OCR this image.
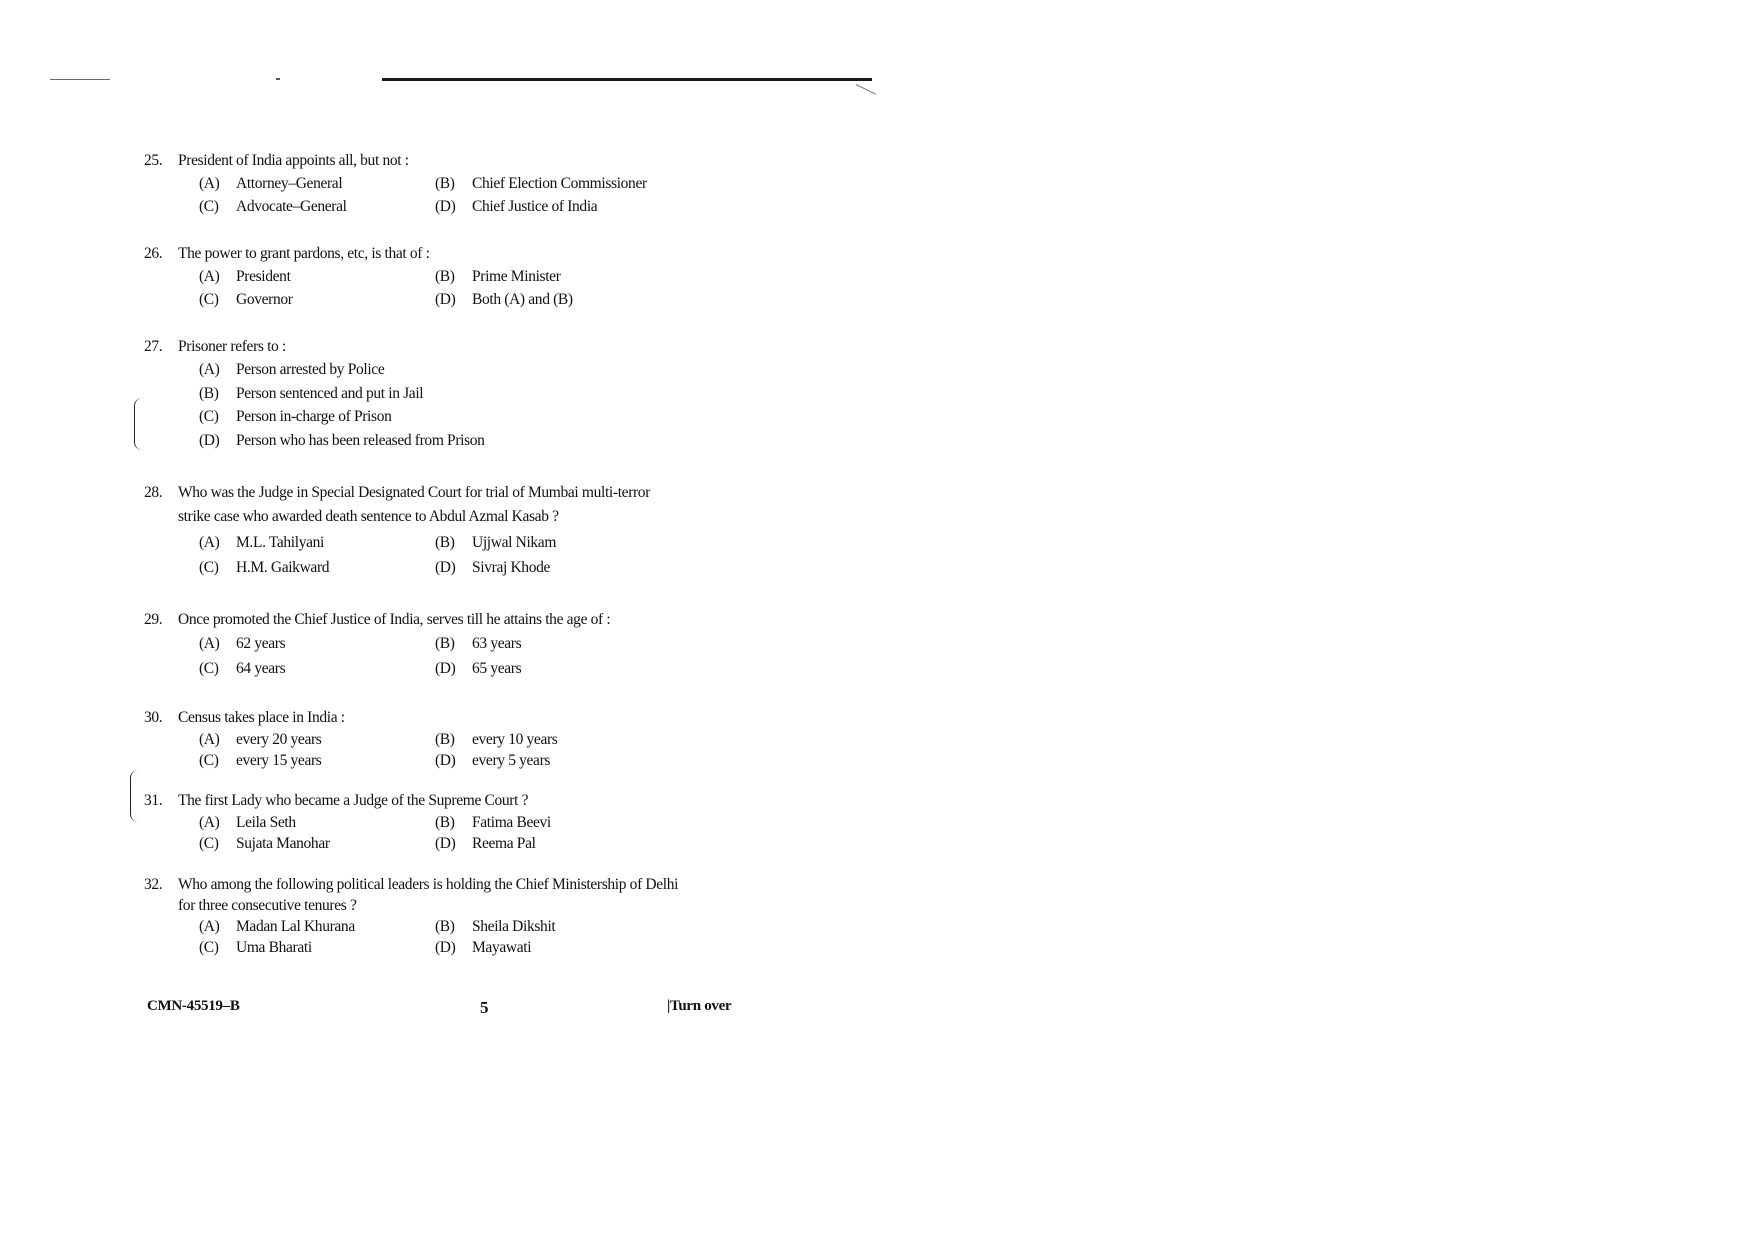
25.	President of India appoints all, but not :
(A)	Attorney–General	(B)	Chief Election Commissioner
(C)	Advocate–General	(D)	Chief Justice of India
26.	The power to grant pardons, etc, is that of :
(A)	President	(B)	Prime Minister
(C)	Governor	(D)	Both (A) and (B)
27.	Prisoner refers to :
(A)	Person arrested by Police
(B)	Person sentenced and put in Jail
(C)	Person in-charge of Prison
(D)	Person who has been released from Prison
28.	Who was the Judge in Special Designated Court for trial of Mumbai multi-terror
strike case who awarded death sentence to Abdul Azmal Kasab ?
(A)	M.L. Tahilyani	(B)	Ujjwal Nikam
(C)	H.M. Gaikward	(D)	Sivraj Khode
29.	Once promoted the Chief Justice of India, serves till he attains the age of :
(A)	62 years	(B)	63 years
(C)	64 years	(D)	65 years
30.	Census takes place in India :
(A)	every 20 years	(B)	every 10 years
(C)	every 15 years	(D)	every 5 years
31.	The first Lady who became a Judge of the Supreme Court ?
(A)	Leila Seth	(B)	Fatima Beevi
(C)	Sujata Manohar	(D)	Reema Pal
32.	Who among the following political leaders is holding the Chief Ministership of Delhi
for three consecutive tenures ?
(A)	Madan Lal Khurana	(B)	Sheila Dikshit
(C)	Uma Bharati	(D)	Mayawati
CMN-45519–B	5	|Turn over
